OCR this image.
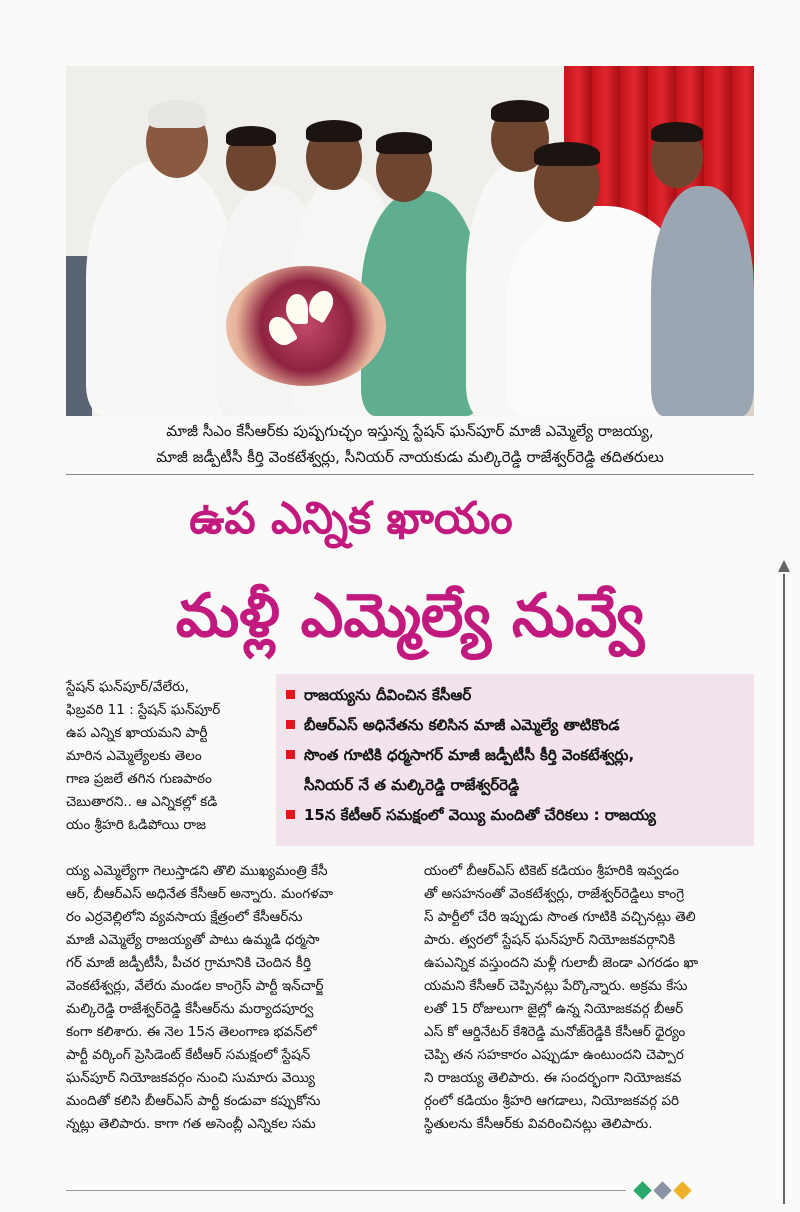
మాజీ సీఎం కేసీఆర్‌కు పుష్పగుచ్ఛం ఇస్తున్న స్టేషన్ ఘన్‌పూర్ మాజీ ఎమ్మెల్యే రాజయ్య,
మాజీ జడ్పీటీసీ కీర్తి వెంకటేశ్వర్లు, సీనియర్ నాయకుడు మల్కిరెడ్డి రాజేశ్వర్‌రెడ్డి తదితరులు
ఉప ఎన్నిక ఖాయం
మళ్లీ ఎమ్మెల్యే నువ్వే
స్టేషన్ ఘన్‌పూర్/వేలేరు,
ఫిబ్రవరి 11 : స్టేషన్ ఘన్‌పూర్
ఉప ఎన్నిక ఖాయమని పార్టీ
మారిన ఎమ్మెల్యేలకు తెలం
గాణ ప్రజలే తగిన గుణపాఠం
చెబుతారని.. ఆ ఎన్నికల్లో కడి
యం శ్రీహరి ఓడిపోయి రాజ
రాజయ్యను దీవించిన కేసీఆర్
బీఆర్‌ఎస్ అధినేతను కలిసిన మాజీ ఎమ్మెల్యే తాటికొండ
సొంత గూటికి ధర్మసాగర్ మాజీ జడ్పీటీసీ కీర్తి వెంకటేశ్వర్లు,
సీనియర్ నే త మల్కిరెడ్డి రాజేశ్వర్‌రెడ్డి
15న కేటీఆర్ సమక్షంలో వెయ్యి మందితో చేరికలు : రాజయ్య
య్య ఎమ్మెల్యేగా గెలుస్తాడని తొలి ముఖ్యమంత్రి కేసీ
ఆర్, బీఆర్‌ఎస్ అధినేత కేసీఆర్ అన్నారు. మంగళవా
రం ఎర్రవెల్లిలోని వ్యవసాయ క్షేత్రంలో కేసీఆర్‌ను
మాజీ ఎమ్మెల్యే రాజయ్యతో పాటు ఉమ్మడి ధర్మసా
గర్ మాజీ జడ్పీటీసీ, పీచర గ్రామానికి చెందిన కీర్తి
వెంకటేశ్వర్లు, వేలేరు మండల కాంగ్రెస్ పార్టీ ఇన్‌చార్జ్
మల్కిరెడ్డి రాజేశ్వర్‌రెడ్డి కేసీఆర్‌ను మర్యాదపూర్వ
కంగా కలిశారు. ఈ నెల 15న తెలంగాణ భవన్‌లో
పార్టీ వర్కింగ్ ప్రెసిడెంట్ కేటీఆర్ సమక్షంలో స్టేషన్
ఘన్‌పూర్ నియోజకవర్గం నుంచి సుమారు వెయ్యి
మందితో కలిసి బీఆర్‌ఎస్ పార్టీ కండువా కప్పుకోను
న్నట్లు తెలిపారు. కాగా గత అసెంబ్లీ ఎన్నికల సమ
యంలో బీఆర్‌ఎస్ టికెట్ కడియం శ్రీహరికి ఇవ్వడం
తో అసహనంతో వెంకటేశ్వర్లు, రాజేశ్వర్‌రెడ్డిలు కాంగ్రె
స్ పార్టీలో చేరి ఇప్పుడు సొంత గూటికి వచ్చినట్లు తెలి
పారు. త్వరలో స్టేషన్ ఘన్‌పూర్ నియోజకవర్గానికి
ఉపఎన్నిక వస్తుందని మళ్లీ గులాబీ జెండా ఎగరడం ఖా
యమని కేసీఆర్ చెప్పినట్లు పేర్కొన్నారు. అక్రమ కేసు
లతో 15 రోజులుగా జైల్లో ఉన్న నియోజకవర్గ బీఆర్
ఎస్ కో ఆర్డినేటర్ కేశిరెడ్డి మనోజ్‌రెడ్డికి కేసీఆర్ ధైర్యం
చెప్పి తన సహకారం ఎప్పుడూ ఉంటుందని చెప్పార
ని రాజయ్య తెలిపారు. ఈ సందర్భంగా నియోజకవ
ర్గంలో కడియం శ్రీహరి ఆగడాలు, నియోజకవర్గ పరి
స్థితులను కేసీఆర్‌కు వివరించినట్లు తెలిపారు.
